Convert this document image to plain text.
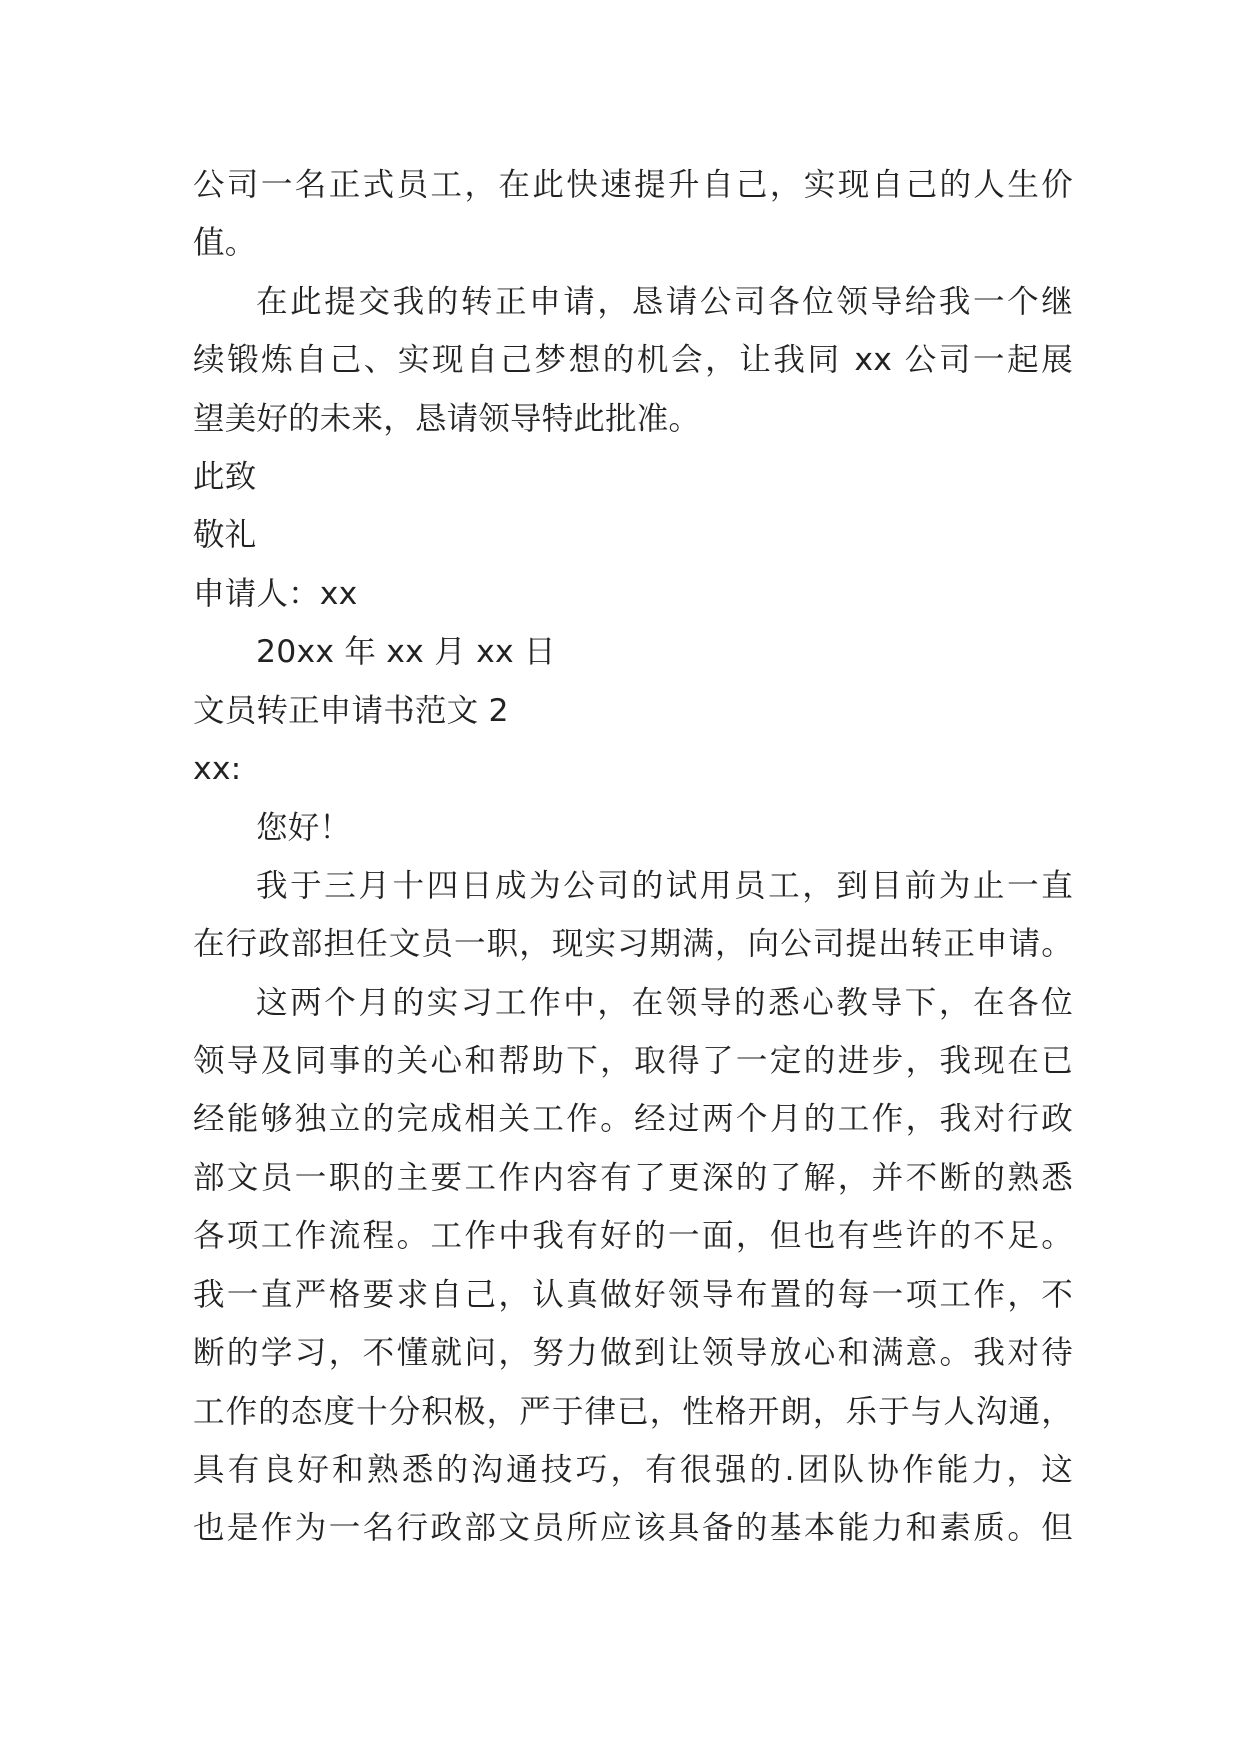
公司一名正式员工，在此快速提升自己，实现自己的人生价
值。
在此提交我的转正申请，恳请公司各位领导给我一个继
续锻炼自己、实现自己梦想的机会，让我同 xx 公司一起展
望美好的未来，恳请领导特此批准。
此致
敬礼
申请人：xx
20xx 年 xx 月 xx 日
文员转正申请书范文 2
xx:
您好！
我于三月十四日成为公司的试用员工，到目前为止一直
在行政部担任文员一职，现实习期满，向公司提出转正申请。
这两个月的实习工作中，在领导的悉心教导下，在各位
领导及同事的关心和帮助下，取得了一定的进步，我现在已
经能够独立的完成相关工作。经过两个月的工作，我对行政
部文员一职的主要工作内容有了更深的了解，并不断的熟悉
各项工作流程。工作中我有好的一面，但也有些许的不足。
我一直严格要求自己，认真做好领导布置的每一项工作，不
断的学习，不懂就问，努力做到让领导放心和满意。我对待
工作的态度十分积极，严于律已，性格开朗，乐于与人沟通，
具有良好和熟悉的沟通技巧，有很强的.团队协作能力，这
也是作为一名行政部文员所应该具备的基本能力和素质。但
